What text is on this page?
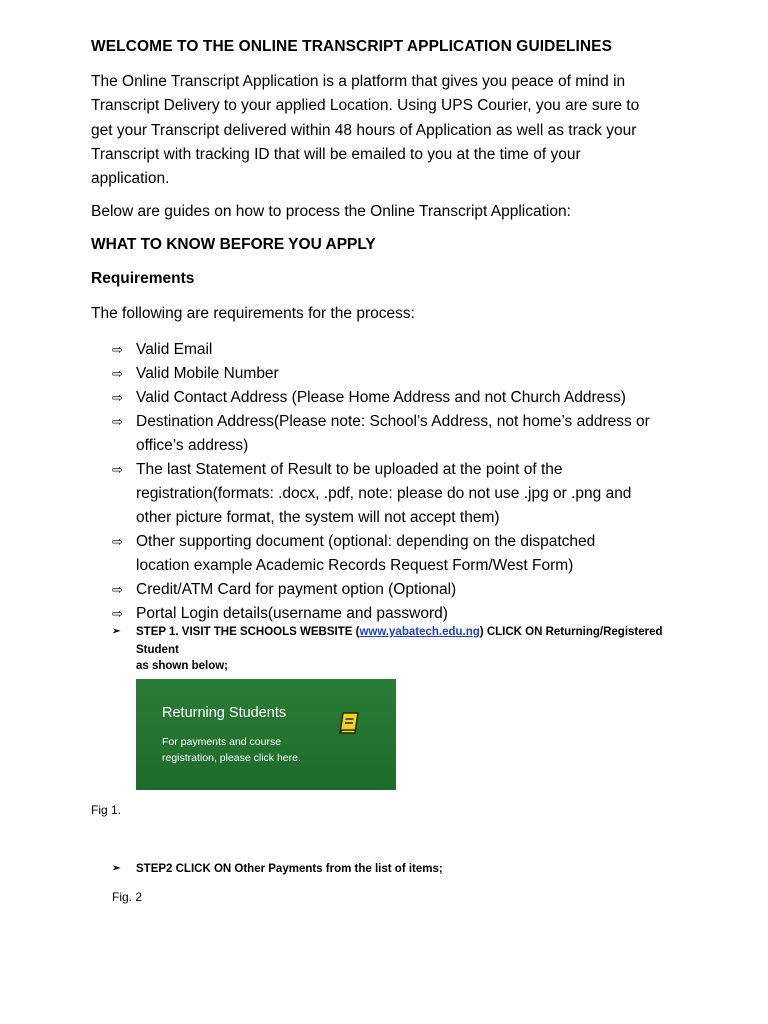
WELCOME TO THE ONLINE TRANSCRIPT APPLICATION GUIDELINES
The Online Transcript Application is a platform that gives you peace of mind in
Transcript Delivery to your applied Location. Using UPS Courier, you are sure to
get your Transcript delivered within 48 hours of Application as well as track your
Transcript with tracking ID that will be emailed to you at the time of your
application.
Below are guides on how to process the Online Transcript Application:
WHAT TO KNOW BEFORE YOU APPLY
Requirements
The following are requirements for the process:
⇨ Valid Email
⇨ Valid Mobile Number
⇨ Valid Contact Address (Please Home Address and not Church Address)
⇨ Destination Address(Please note: School’s Address, not home’s address or
office’s address)
⇨ The last Statement of Result to be uploaded at the point of the
registration(formats: .docx, .pdf, note: please do not use .jpg or .png and
other picture format, the system will not accept them)
⇨ Other supporting document (optional: depending on the dispatched
location example Academic Records Request Form/West Form)
⇨ Credit/ATM Card for payment option (Optional)
⇨ Portal Login details(username and password)
➢	STEP 1. VISIT THE SCHOOLS WEBSITE (www.yabatech.edu.ng) CLICK ON Returning/Registered Student
as shown below;
Returning Students
For payments and course registration, please click here.
Fig 1.
➢	STEP2 CLICK ON Other Payments from the list of items;
Fig. 2
